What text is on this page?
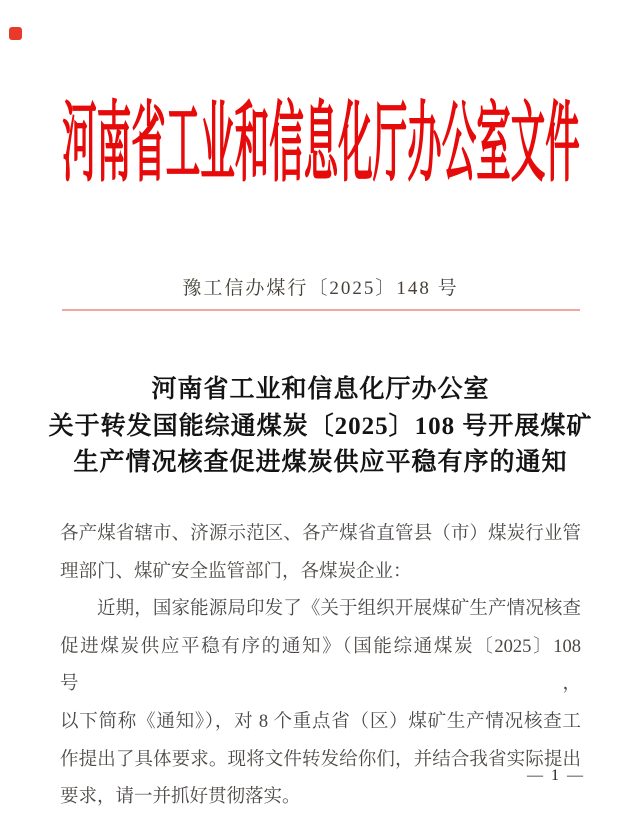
河南省工业和信息化厅办公室文件
豫工信办煤行〔2025〕148 号
河南省工业和信息化厅办公室
关于转发国能综通煤炭〔2025〕108 号开展煤矿
生产情况核查促进煤炭供应平稳有序的通知
各产煤省辖市、济源示范区、各产煤省直管县（市）煤炭行业管
理部门、煤矿安全监管部门，各煤炭企业：
近期，国家能源局印发了《关于组织开展煤矿生产情况核查
促进煤炭供应平稳有序的通知》（国能综通煤炭〔2025〕108 号，
以下简称《通知》），对 8 个重点省（区）煤矿生产情况核查工
作提出了具体要求。现将文件转发给你们，并结合我省实际提出
要求，请一并抓好贯彻落实。
— 1 —
